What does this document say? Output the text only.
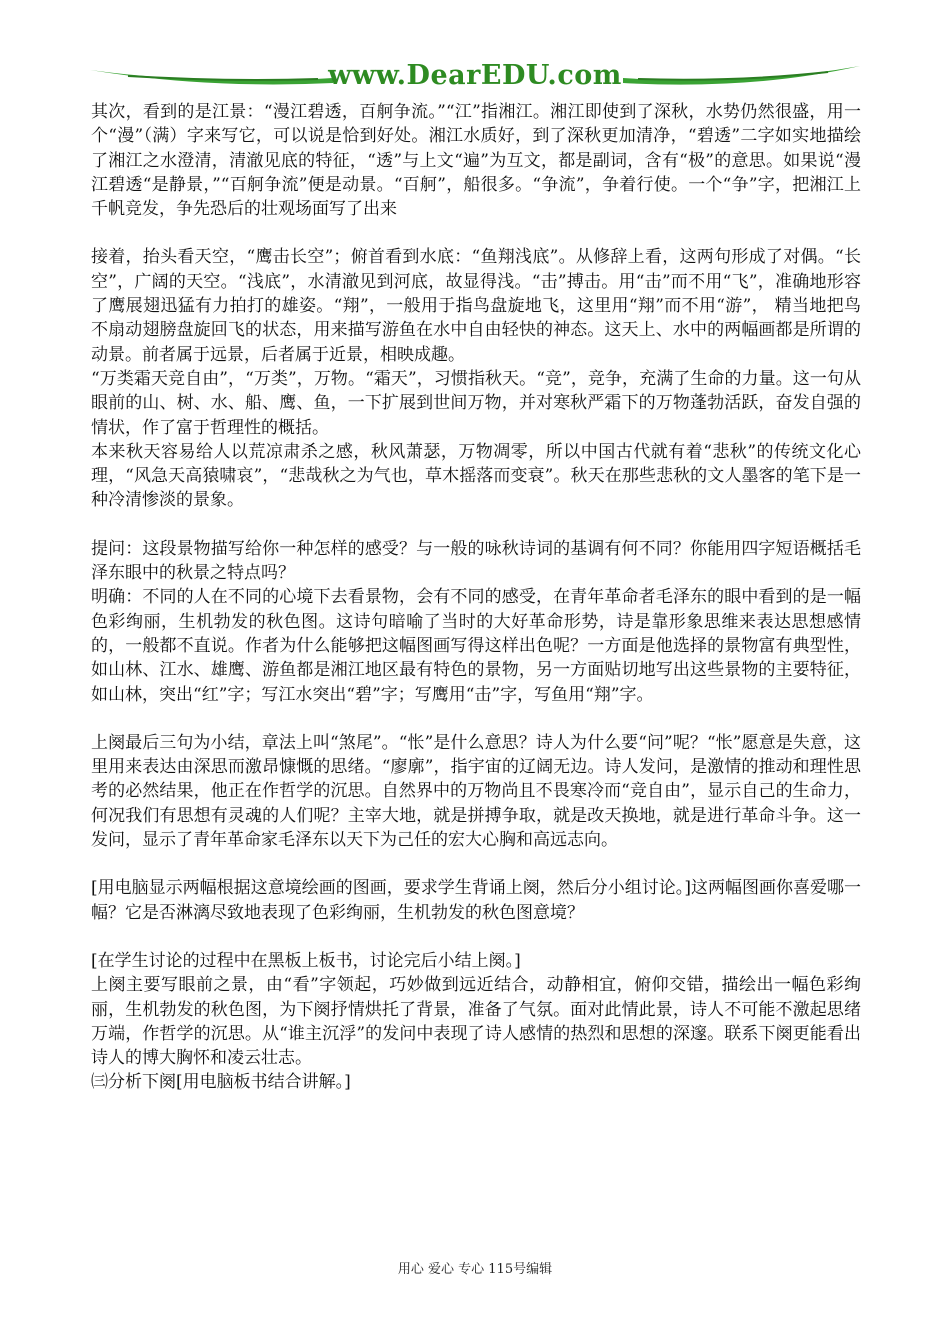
www.DearEDU.com

其次，看到的是江景：“漫江碧透，百舸争流。”“江”指湘江。湘江即使到了深秋，水势仍然很盛，用一个“漫”（满）字来写它，可以说是恰到好处。湘江水质好，到了深秋更加清净，“碧透”二字如实地描绘了湘江之水澄清，清澈见底的特征，“透”与上文“遍”为互文，都是副词，含有“极”的意思。如果说“漫江碧透“是静景，”“百舸争流”便是动景。“百舸”，船很多。“争流”，争着行使。一个“争”字，把湘江上千帆竞发，争先恐后的壮观场面写了出来

接着，抬头看天空，“鹰击长空”；俯首看到水底：“鱼翔浅底”。从修辞上看，这两句形成了对偶。“长空”，广阔的天空。“浅底”，水清澈见到河底，故显得浅。“击”搏击。用“击”而不用“飞”，准确地形容了鹰展翅迅猛有力拍打的雄姿。“翔”，一般用于指鸟盘旋地飞，这里用“翔”而不用“游”， 精当地把鸟不扇动翅膀盘旋回飞的状态，用来描写游鱼在水中自由轻快的神态。这天上、水中的两幅画都是所谓的动景。前者属于远景，后者属于近景，相映成趣。

“万类霜天竞自由”，“万类”，万物。“霜天”，习惯指秋天。“竞”，竞争，充满了生命的力量。这一句从眼前的山、树、水、船、鹰、鱼，一下扩展到世间万物，并对寒秋严霜下的万物蓬勃活跃，奋发自强的情状，作了富于哲理性的概括。

本来秋天容易给人以荒凉肃杀之感，秋风萧瑟，万物凋零，所以中国古代就有着“悲秋”的传统文化心理，“风急天高猿啸哀”，“悲哉秋之为气也，草木摇落而变衰”。秋天在那些悲秋的文人墨客的笔下是一种冷清惨淡的景象。

提问：这段景物描写给你一种怎样的感受？与一般的咏秋诗词的基调有何不同？你能用四字短语概括毛泽东眼中的秋景之特点吗？

明确：不同的人在不同的心境下去看景物，会有不同的感受，在青年革命者毛泽东的眼中看到的是一幅色彩绚丽，生机勃发的秋色图。这诗句暗喻了当时的大好革命形势，诗是靠形象思维来表达思想感情的，一般都不直说。作者为什么能够把这幅图画写得这样出色呢？一方面是他选择的景物富有典型性，如山林、江水、雄鹰、游鱼都是湘江地区最有特色的景物，另一方面贴切地写出这些景物的主要特征，如山林，突出“红”字；写江水突出“碧”字；写鹰用“击”字，写鱼用“翔”字。

上阕最后三句为小结，章法上叫“煞尾”。“怅”是什么意思？诗人为什么要“问”呢？“怅”愿意是失意，这里用来表达由深思而激昂慷慨的思绪。“廖廓”，指宇宙的辽阔无边。诗人发问，是激情的推动和理性思考的必然结果，他正在作哲学的沉思。自然界中的万物尚且不畏寒冷而“竞自由”，显示自己的生命力，何况我们有思想有灵魂的人们呢？主宰大地，就是拼搏争取，就是改天换地，就是进行革命斗争。这一发问，显示了青年革命家毛泽东以天下为己任的宏大心胸和高远志向。

[用电脑显示两幅根据这意境绘画的图画，要求学生背诵上阕，然后分小组讨论。]这两幅图画你喜爱哪一幅？它是否淋漓尽致地表现了色彩绚丽，生机勃发的秋色图意境？

[在学生讨论的过程中在黑板上板书，讨论完后小结上阕。]

上阕主要写眼前之景，由“看”字领起，巧妙做到远近结合，动静相宜，俯仰交错，描绘出一幅色彩绚丽，生机勃发的秋色图，为下阕抒情烘托了背景，准备了气氛。面对此情此景，诗人不可能不激起思绪万端，作哲学的沉思。从“谁主沉浮”的发问中表现了诗人感情的热烈和思想的深邃。联系下阕更能看出诗人的博大胸怀和凌云壮志。

㈢分析下阕[用电脑板书结合讲解。]

用心 爱心 专心 115号编辑
